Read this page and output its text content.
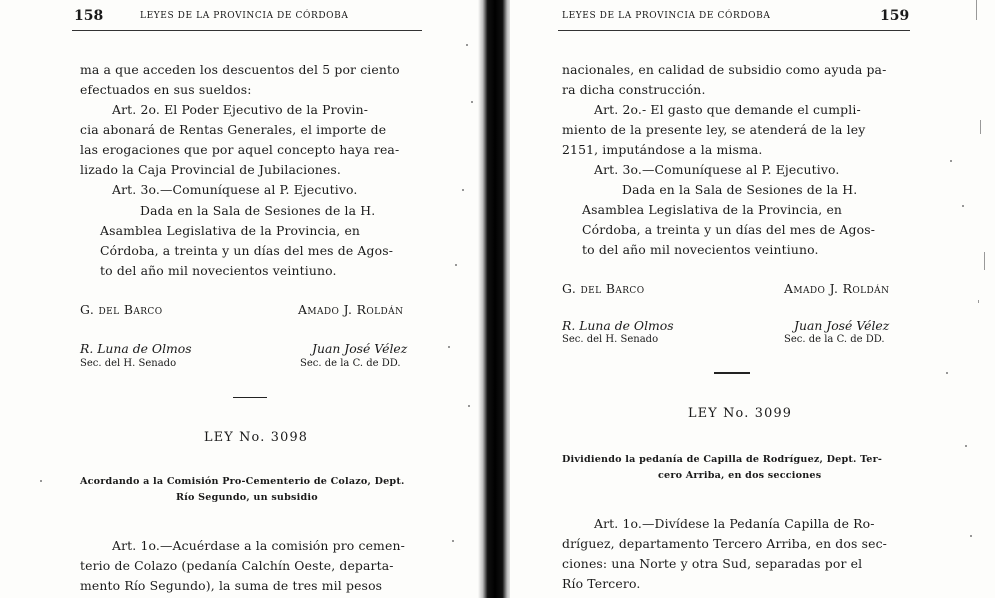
158	LEYES DE LA PROVINCIA DE CÓRDOBA
ma a que acceden los descuentos del 5 por ciento
efectuados en sus sueldos:
Art. 2o. El Poder Ejecutivo de la Provin-
cia abonará de Rentas Generales, el importe de
las erogaciones que por aquel concepto haya rea-
lizado la Caja Provincial de Jubilaciones.
Art. 3o.—Comuníquese al P. Ejecutivo.
Dada en la Sala de Sesiones de la H.
Asamblea Legislativa de la Provincia, en
Córdoba, a treinta y un días del mes de Agos-
to del año mil novecientos veintiuno.
G. del Barco	Amado J. Roldán
R. Luna de Olmos	Juan José Vélez
Sec. del H. Senado	Sec. de la C. de DD.
LEY No. 3098
Acordando a la Comisión Pro-Cementerio de Colazo, Dept.
Río Segundo, un subsidio
Art. 1o.—Acuérdase a la comisión pro cemen-
terio de Colazo (pedanía Calchín Oeste, departa-
mento Río Segundo), la suma de tres mil pesos
LEYES DE LA PROVINCIA DE CÓRDOBA	159
nacionales, en calidad de subsidio como ayuda pa-
ra dicha construcción.
Art. 2o.- El gasto que demande el cumpli-
miento de la presente ley, se atenderá de la ley
2151, imputándose a la misma.
Art. 3o.—Comuníquese al P. Ejecutivo.
Dada en la Sala de Sesiones de la H.
Asamblea Legislativa de la Provincia, en
Córdoba, a treinta y un días del mes de Agos-
to del año mil novecientos veintiuno.
G. del Barco	Amado J. Roldán
R. Luna de Olmos	Juan José Vélez
Sec. del H. Senado	Sec. de la C. de DD.
LEY No. 3099
Dividiendo la pedanía de Capilla de Rodríguez, Dept. Ter-
cero Arriba, en dos secciones
Art. 1o.—Divídese la Pedanía Capilla de Ro-
dríguez, departamento Tercero Arriba, en dos sec-
ciones: una Norte y otra Sud, separadas por el
Río Tercero.
